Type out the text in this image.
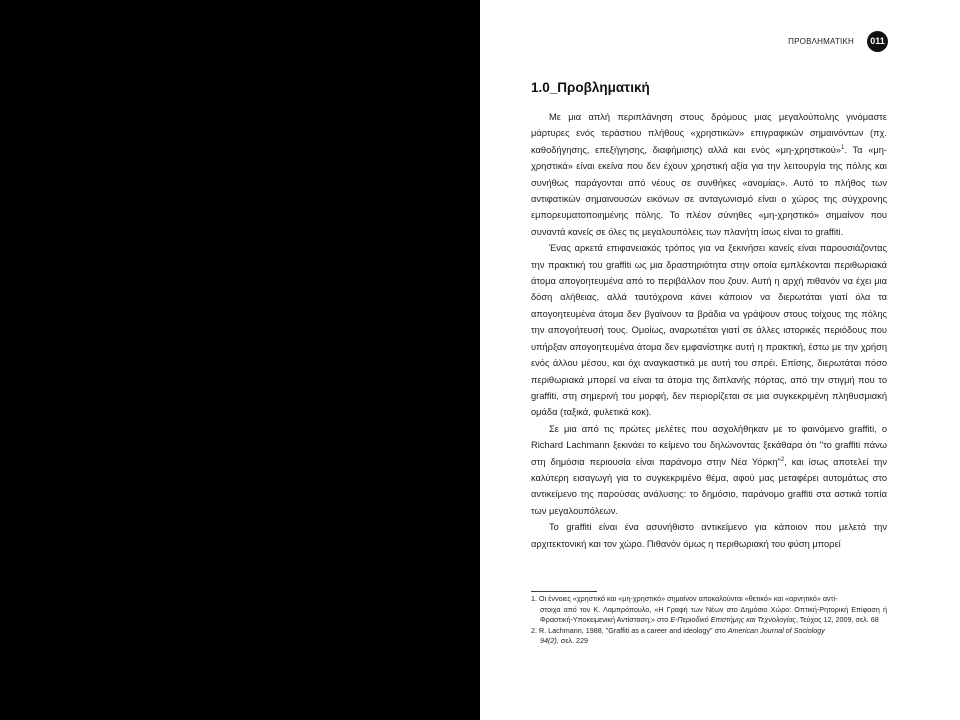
ΠΡΟΒΛΗΜΑΤΙΚΗ	011
1.0_Προβληματική

Με μια απλή περιπλάνηση στους δρόμους μιας μεγαλούπολης γινόμαστε μάρτυρες ενός τεράστιου πλήθους «χρηστικών» επιγραφικών σημαινόντων (πχ. καθοδήγησης, επεξήγησης, διαφήμισης) αλλά και ενός «μη-χρηστικού»$^1$. Τα «μη-χρηστικά» είναι εκείνα που δεν έχουν χρηστική αξία για την λειτουργία της πόλης και συνήθως παράγονται από νέους σε συνθήκες «ανομίας». Αυτό το πλήθος των αντιφατικών σημαινουσών εικόνων σε ανταγωνισμό είναι ο χώρος της σύγχρονης εμπορευματοποιημένης πόλης. Το πλέον σύνηθες «μη-χρηστικό» σημαίνον που συναντά κανείς σε όλες τις μεγαλουπόλεις των πλανήτη ίσως είναι το graffiti.

Ένας αρκετά επιφανειακός τρόπος για να ξεκινήσει κανείς είναι παρουσιάζοντας την πρακτική του graffiti ως μια δραστηριότητα στην οποία εμπλέκονται περιθωριακά άτομα απογοητευμένα από το περιβάλλον που ζουν. Αυτή η αρχή πιθανόν να έχει μια δόση αλήθειας, αλλά ταυτόχρονα κάνει κάποιον να διερωτάται γιατί όλα τα απογοητευμένα άτομα δεν βγαίνουν τα βράδια να γράψουν στους τοίχους της πόλης την απογοήτευσή τους. Ομοίως, αναρωτιέται γιατί σε άλλες ιστορικές περιόδους που υπήρξαν απογοητευμένα άτομα δεν εμφανίστηκε αυτή η πρακτική, έστω με την χρήση ενός άλλου μέσου, και όχι αναγκαστικά με αυτή του σπρέι. Επίσης, διερωτάται πόσο περιθωριακά μπορεί να είναι τα άτομα της διπλανής πόρτας, από την στιγμή που το graffiti, στη σημερινή του μορφή, δεν περιορίζεται σε μια συγκεκριμένη πληθυσμιακή ομάδα (ταξικά, φυλετικά κοκ).

Σε μια από τις πρώτες μελέτες που ασχολήθηκαν με το φαινόμενο graffiti, ο Richard Lachmann ξεκινάει το κείμενο του δηλώνοντας ξεκάθαρα ότι "το graffiti πάνω στη δημόσια περιουσία είναι παράνομο στην Νέα Υόρκη"$^2$, και ίσως αποτελεί την καλύτερη εισαγωγή για το συγκεκριμένο θέμα, αφού μας μεταφέρει αυτομάτως στο αντικείμενο της παρούσας ανάλυσης: το δημόσιο, παράνομο graffiti στα αστικά τοπία των μεγαλουπόλεων.

Το graffiti είναι ένα ασυνήθιστο αντικείμενο για κάποιον που μελετά την αρχιτεκτονική και τον χώρο. Πιθανόν όμως η περιθωριακή του φύση μπορεί

1. Οι έννοιες «χρηστικό και «μη-χρηστικό» σημαίνον αποκαλούνται «θετικό» και «αρνητικό» αντί-

στοιχα από τον Κ. Λαμπρόπουλο, «Η Γραφή των Νέων στο Δημόσιο Χώρο: Οπτική-Ρητορική Επίφαση ή Φραστική-Υποκειμενική Αντίσταση;» στο Ε-Περιοδικό Επιστήμης και Τεχνολογίας, Τεύχος 12, 2009, σελ. 68

2. R. Lachmann, 1988, "Graffiti as a career and ideology" στο American Journal of Sociology

94(2), σελ. 229
